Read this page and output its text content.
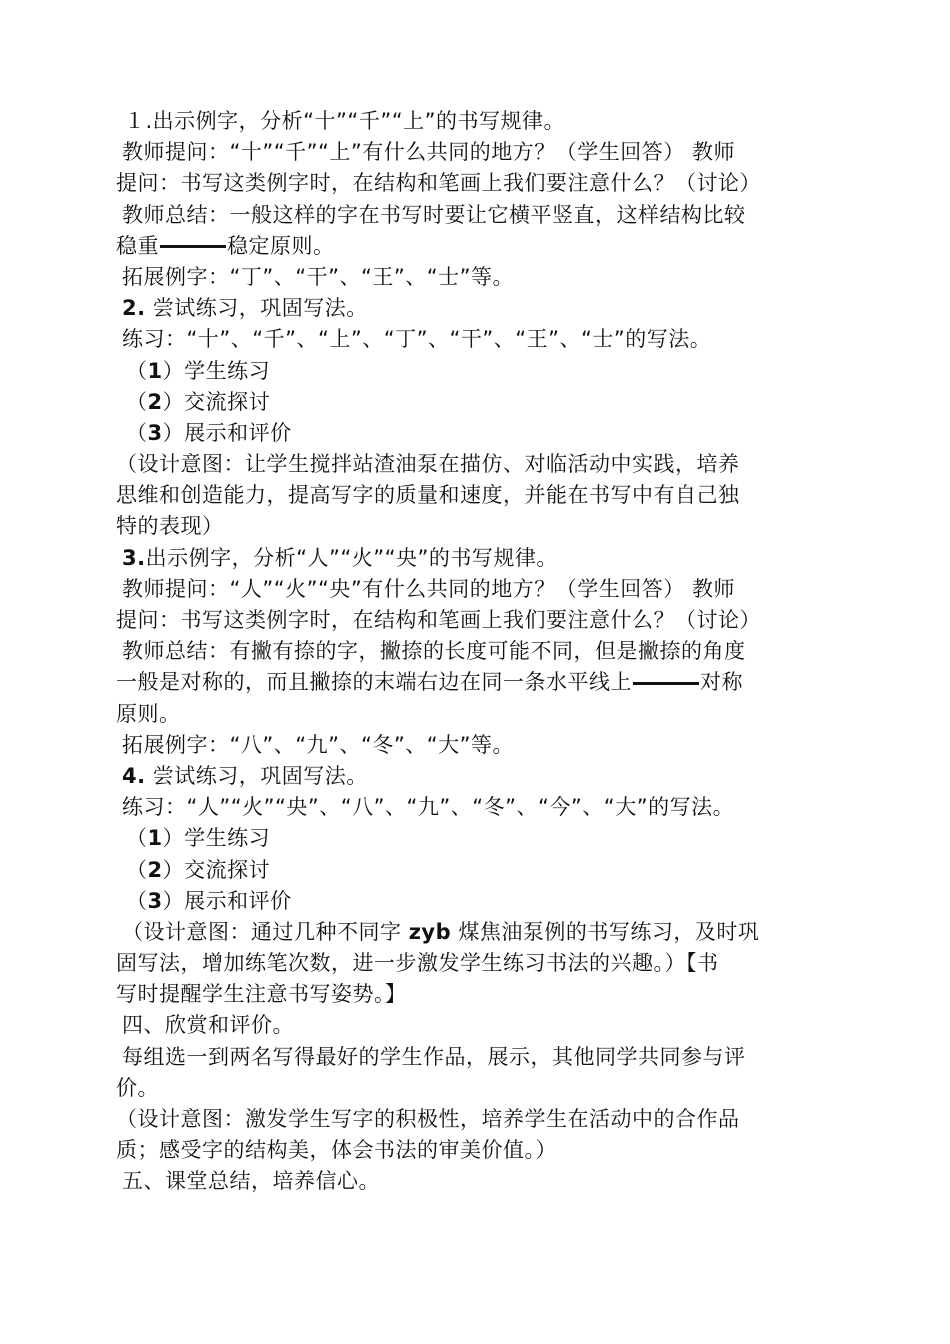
１.出示例字，分析“十”“千”“上”的书写规律。
教师提问：“十”“千”“上”有什么共同的地方？（学生回答） 教师
提问：书写这类例字时，在结构和笔画上我们要注意什么？（讨论）
教师总结：一般这样的字在书写时要让它横平竖直，这样结构比较
稳重	稳定原则。
拓展例字：“丁”、“干”、“王”、“士”等。
2. 尝试练习，巩固写法。
练习：“十”、“千”、“上”、“丁”、“干”、“王”、“士”的写法。
（1）学生练习
（2）交流探讨
（3）展示和评价
（设计意图：让学生搅拌站渣油泵在描仿、对临活动中实践，培养
思维和创造能力，提高写字的质量和速度，并能在书写中有自己独
特的表现）
3.出示例字，分析“人”“火”“央”的书写规律。
教师提问：“人”“火”“央”有什么共同的地方？（学生回答） 教师
提问：书写这类例字时，在结构和笔画上我们要注意什么？（讨论）
教师总结：有撇有捺的字，撇捺的长度可能不同，但是撇捺的角度
一般是对称的，而且撇捺的末端右边在同一条水平线上	对称
原则。
拓展例字：“八”、“九”、“冬”、“大”等。
4. 尝试练习，巩固写法。
练习：“人”“火”“央”、“八”、“九”、“冬”、“今”、“大”的写法。
（1）学生练习
（2）交流探讨
（3）展示和评价
（设计意图：通过几种不同字 zyb 煤焦油泵例的书写练习，及时巩
固写法，增加练笔次数，进一步激发学生练习书法的兴趣。）【书
写时提醒学生注意书写姿势。】
四、欣赏和评价。
每组选一到两名写得最好的学生作品，展示，其他同学共同参与评
价。
（设计意图：激发学生写字的积极性，培养学生在活动中的合作品
质；感受字的结构美，体会书法的审美价值。）
五、课堂总结，培养信心。
